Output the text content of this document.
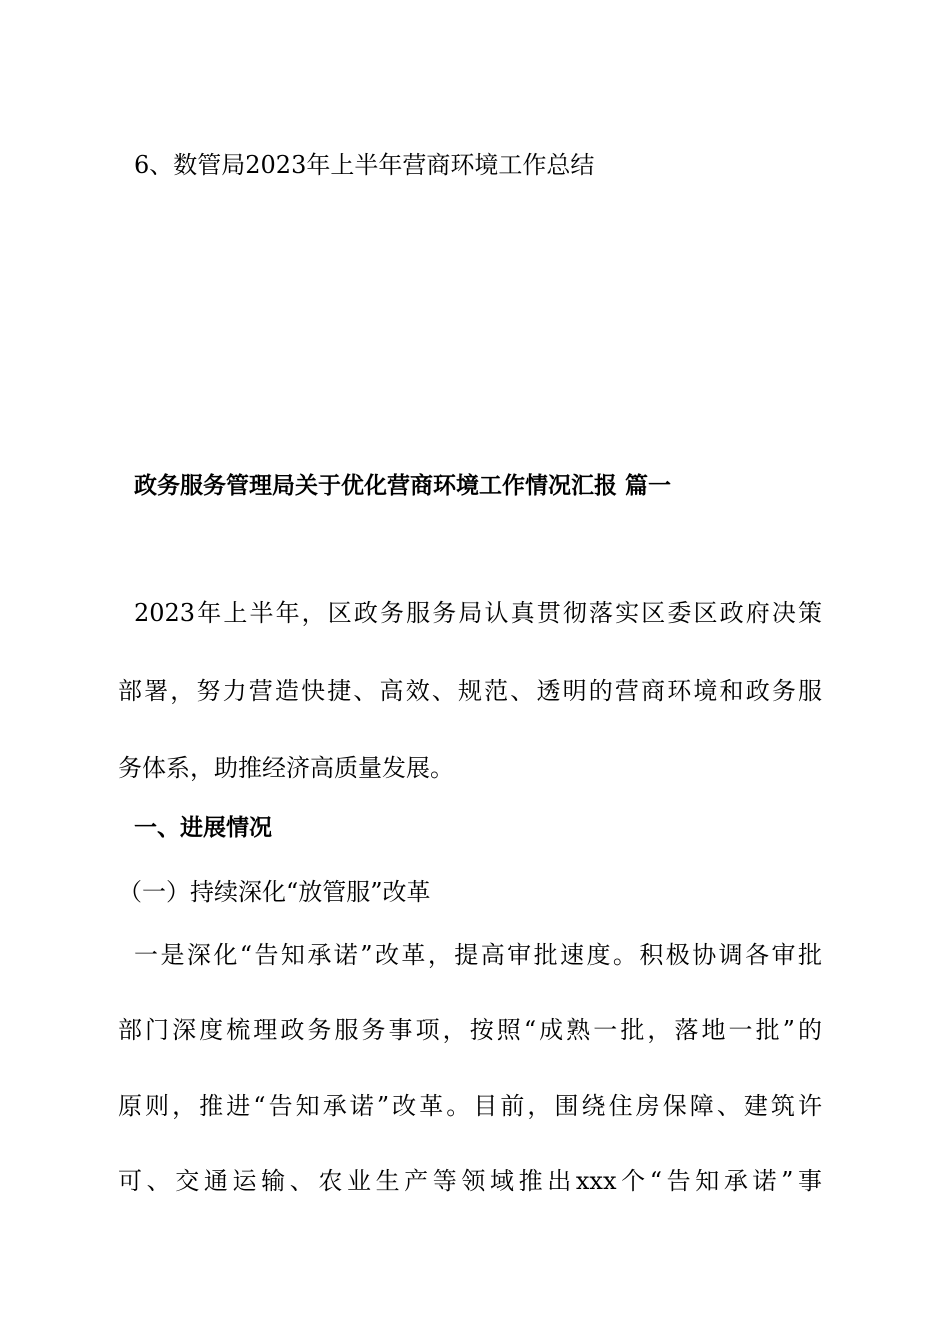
6、数管局2023年上半年营商环境工作总结
政务服务管理局关于优化营商环境工作情况汇报 篇一
2023年上半年，区政务服务局认真贯彻落实区委区政府决策
部署，努力营造快捷、高效、规范、透明的营商环境和政务服
务体系，助推经济高质量发展。
一、进展情况
（一）持续深化“放管服”改革
一是深化“告知承诺”改革，提高审批速度。积极协调各审批
部门深度梳理政务服务事项，按照“成熟一批，落地一批”的
原则，推进“告知承诺”改革。目前，围绕住房保障、建筑许
可、交通运输、农业生产等领域推出xxx个“告知承诺”事
